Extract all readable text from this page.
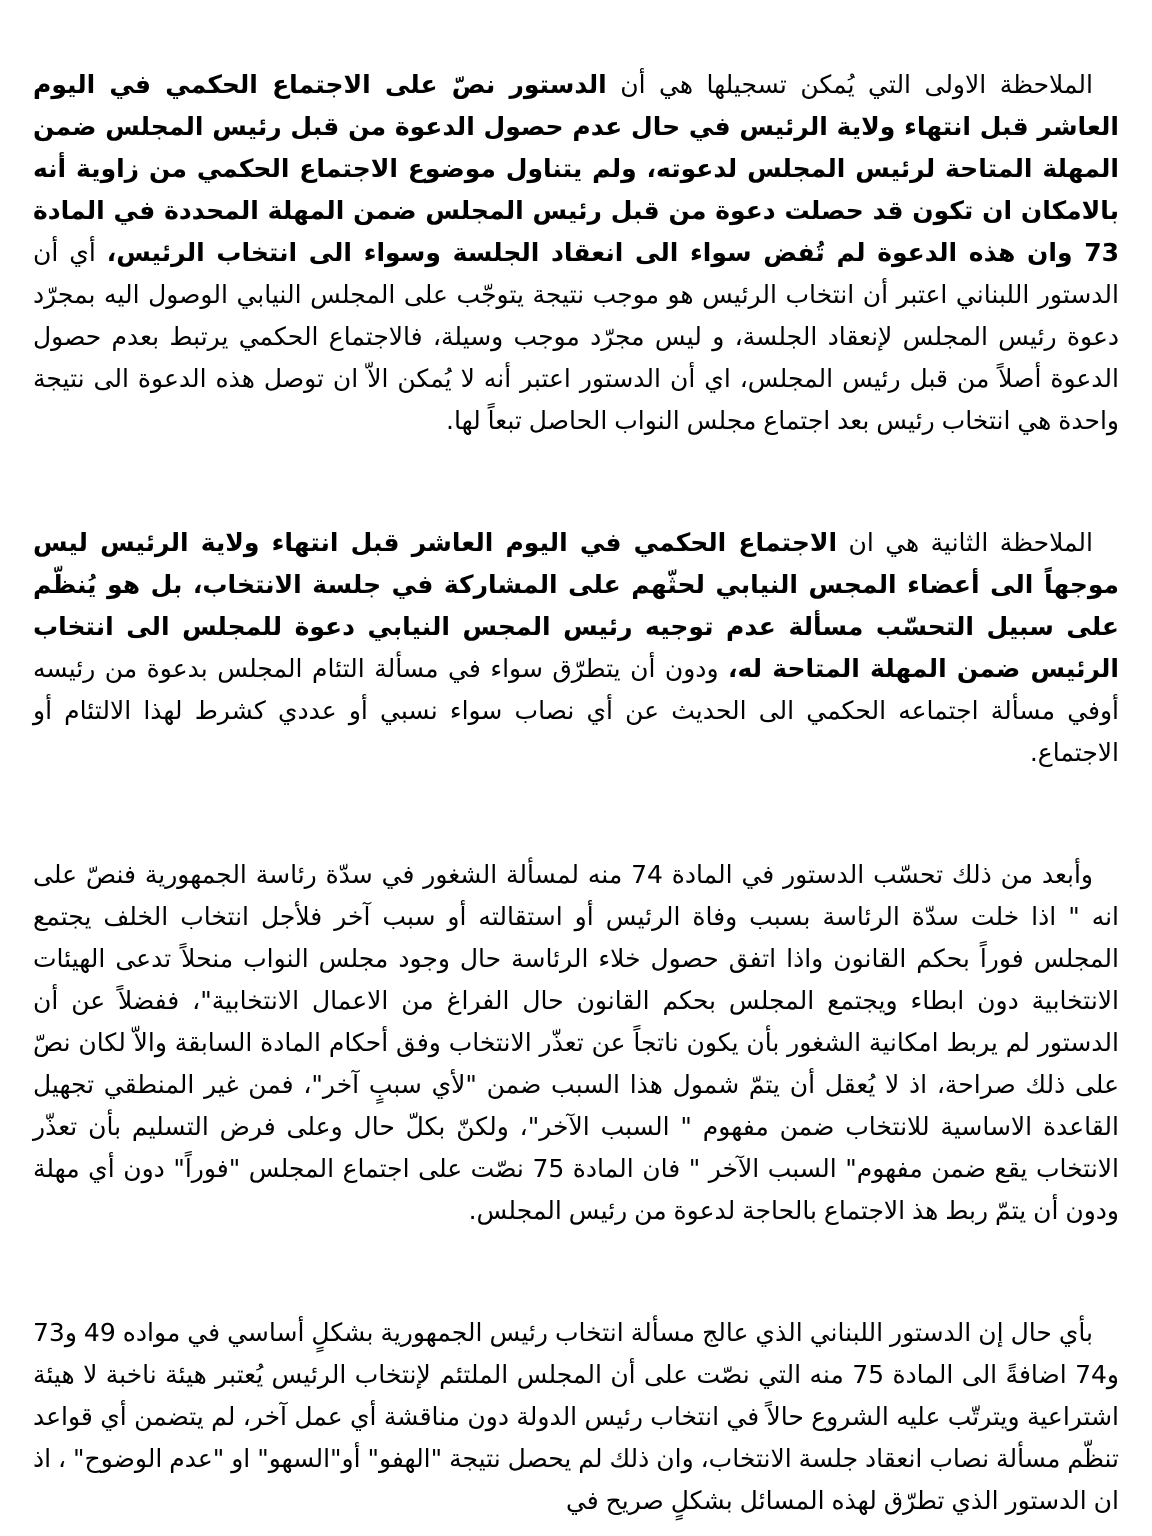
الملاحظة الاولى التي يُمكن تسجيلها هي أن الدستور نصّ على الاجتماع الحكمي في اليوم العاشر قبل انتهاء ولاية الرئيس في حال عدم حصول الدعوة من قبل رئيس المجلس ضمن المهلة المتاحة لرئيس المجلس لدعوته، ولم يتناول موضوع الاجتماع الحكمي من زاوية أنه بالامكان ان تكون قد حصلت دعوة من قبل رئيس المجلس ضمن المهلة المحددة في المادة 73 وان هذه الدعوة لم تُفض سواء الى انعقاد الجلسة وسواء الى انتخاب الرئيس، أي أن الدستور اللبناني اعتبر أن انتخاب الرئيس هو موجب نتيجة يتوجّب على المجلس النيابي الوصول اليه بمجرّد دعوة رئيس المجلس لإنعقاد الجلسة، و ليس مجرّد موجب وسيلة، فالاجتماع الحكمي يرتبط بعدم حصول الدعوة أصلاً من قبل رئيس المجلس، اي أن الدستور اعتبر أنه لا يُمكن الاّ ان توصل هذه الدعوة الى نتيجة واحدة هي انتخاب رئيس بعد اجتماع مجلس النواب الحاصل تبعاً لها.

الملاحظة الثانية هي ان الاجتماع الحكمي في اليوم العاشر قبل انتهاء ولاية الرئيس ليس موجهاً الى أعضاء المجس النيابي لحثّهم على المشاركة في جلسة الانتخاب، بل هو يُنظّم على سبيل التحسّب مسألة عدم توجيه رئيس المجس النيابي دعوة للمجلس الى انتخاب الرئيس ضمن المهلة المتاحة له، ودون أن يتطرّق سواء في مسألة التئام المجلس بدعوة من رئيسه أوفي مسألة اجتماعه الحكمي الى الحديث عن أي نصاب سواء نسبي أو عددي كشرط لهذا الالتئام أو الاجتماع.

وأبعد من ذلك تحسّب الدستور في المادة 74 منه لمسألة الشغور في سدّة رئاسة الجمهورية فنصّ على انه " اذا خلت سدّة الرئاسة بسبب وفاة الرئيس أو استقالته أو سبب آخر فلأجل انتخاب الخلف يجتمع المجلس فوراً بحكم القانون واذا اتفق حصول خلاء الرئاسة حال وجود مجلس النواب منحلاً تدعى الهيئات الانتخابية دون ابطاء ويجتمع المجلس بحكم القانون حال الفراغ من الاعمال الانتخابية"، ففضلاً عن أن الدستور لم يربط امكانية الشغور بأن يكون ناتجاً عن تعذّر الانتخاب وفق أحكام المادة السابقة والاّ لكان نصّ على ذلك صراحة، اذ لا يُعقل أن يتمّ شمول هذا السبب ضمن "لأي سببٍ آخر"، فمن غير المنطقي تجهيل القاعدة الاساسية للانتخاب ضمن مفهوم " السبب الآخر"، ولكنّ بكلّ حال وعلى فرض التسليم بأن تعذّر الانتخاب يقع ضمن مفهوم" السبب الآخر " فان المادة 75 نصّت على اجتماع المجلس "فوراً" دون أي مهلة ودون أن يتمّ ربط هذ الاجتماع بالحاجة لدعوة من رئيس المجلس.

بأي حال إن الدستور اللبناني الذي عالج مسألة انتخاب رئيس الجمهورية بشكلٍ أساسي في مواده 49 و73 و74 اضافةً الى المادة 75 منه التي نصّت على أن المجلس الملتئم لإنتخاب الرئيس يُعتبر هيئة ناخبة لا هيئة اشتراعية ويترتّب عليه الشروع حالاً في انتخاب رئيس الدولة دون مناقشة أي عمل آخر، لم يتضمن أي قواعد تنظّم مسألة نصاب انعقاد جلسة الانتخاب، وان ذلك لم يحصل نتيجة "الهفو" أو"السهو" او "عدم الوضوح" ، اذ ان الدستور الذي تطرّق لهذه المسائل بشكلٍ صريح في
